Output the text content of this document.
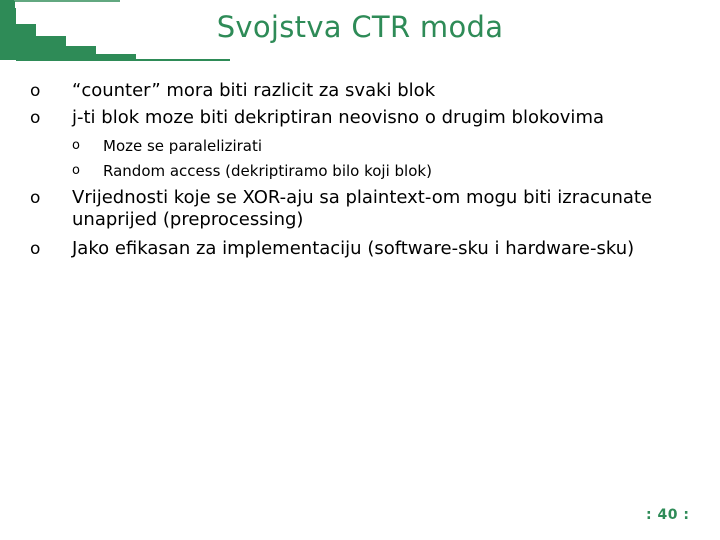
Svojstva CTR moda
o “counter” mora biti razlicit za svaki blok
o j-ti blok moze biti dekriptiran neovisno o drugim blokovima
o Moze se paralelizirati
o Random access (dekriptiramo bilo koji blok)
o Vrijednosti koje se XOR-aju sa plaintext-om mogu biti izracunate
unaprijed (preprocessing)
o Jako efikasan za implementaciju (software-sku i hardware-sku)
: 40 :
